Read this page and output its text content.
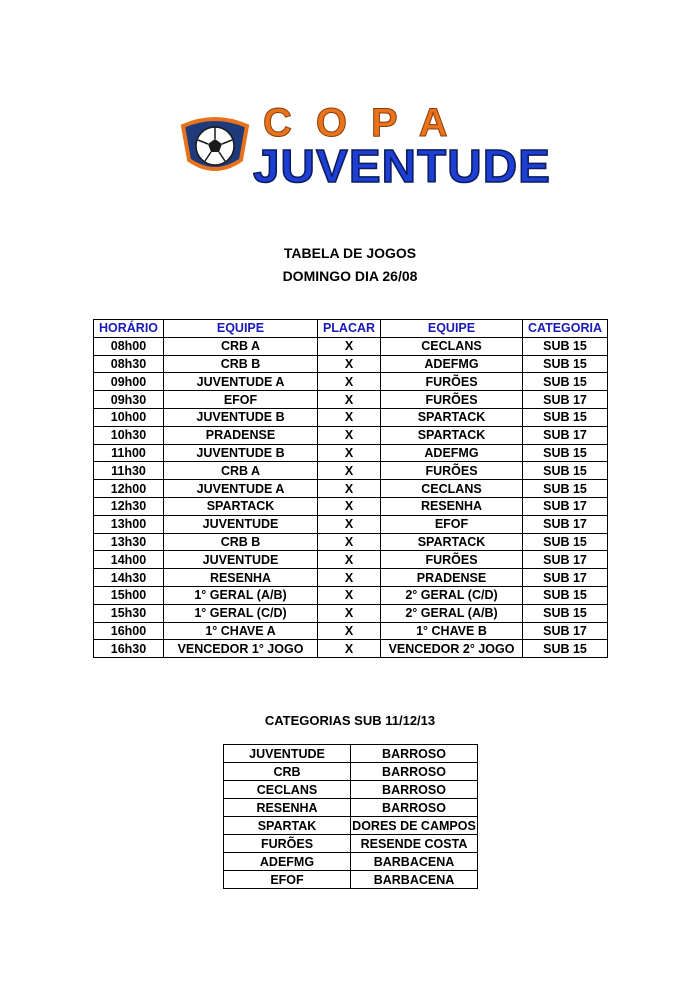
COPA
JUVENTUDE
TABELA DE JOGOS
DOMINGO DIA 26/08
HORÁRIO	EQUIPE	PLACAR	EQUIPE	CATEGORIA
08h00	CRB A	X	CECLANS	SUB 15
08h30	CRB B	X	ADEFMG	SUB 15
09h00	JUVENTUDE A	X	FURÕES	SUB 15
09h30	EFOF	X	FURÕES	SUB 17
10h00	JUVENTUDE B	X	SPARTACK	SUB 15
10h30	PRADENSE	X	SPARTACK	SUB 17
11h00	JUVENTUDE B	X	ADEFMG	SUB 15
11h30	CRB A	X	FURÕES	SUB 15
12h00	JUVENTUDE A	X	CECLANS	SUB 15
12h30	SPARTACK	X	RESENHA	SUB 17
13h00	JUVENTUDE	X	EFOF	SUB 17
13h30	CRB B	X	SPARTACK	SUB 15
14h00	JUVENTUDE	X	FURÕES	SUB 17
14h30	RESENHA	X	PRADENSE	SUB 17
15h00	1° GERAL (A/B)	X	2° GERAL (C/D)	SUB 15
15h30	1° GERAL (C/D)	X	2° GERAL (A/B)	SUB 15
16h00	1° CHAVE A	X	1° CHAVE B	SUB 17
16h30	VENCEDOR 1° JOGO	X	VENCEDOR 2° JOGO	SUB 15
CATEGORIAS SUB 11/12/13
JUVENTUDE	BARROSO
CRB	BARROSO
CECLANS	BARROSO
RESENHA	BARROSO
SPARTAK	DORES DE CAMPOS
FURÕES	RESENDE COSTA
ADEFMG	BARBACENA
EFOF	BARBACENA
